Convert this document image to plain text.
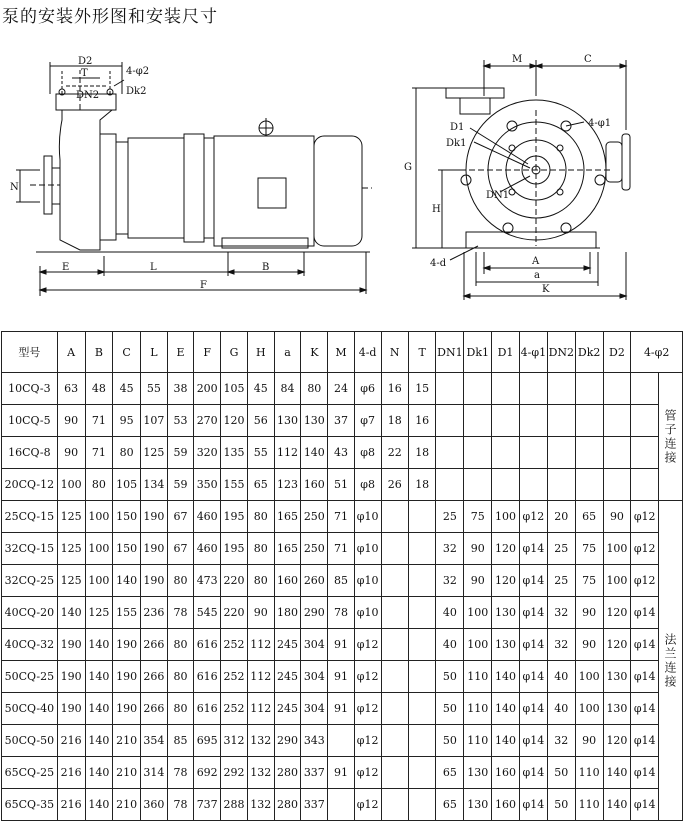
泵的安装外形图和安装尺寸
D2
T	4-φ2
DN2	Dk2
N
E	L	B
F
M	C
D1	4-φ1
Dk1
DN1
G
H
4-d	A
a
K
型号	A	B	C	L	E	F	G	H	a	K	M	4-d	N	T	DN1	Dk1	D1	4-φ1	DN2	Dk2	D2	4-φ2	
10CQ-3	63	48	45	55	38	200	105	45	84	80	24	φ6	16	15									管子连接
10CQ-5	90	71	95	107	53	270	120	56	130	130	37	φ7	18	16									
16CQ-8	90	71	80	125	59	320	135	55	112	140	43	φ8	22	18									
20CQ-12	100	80	105	134	59	350	155	65	123	160	51	φ8	26	18									
25CQ-15	125	100	150	190	67	460	195	80	165	250	71	φ10			25	75	100	φ12	20	65	90	φ12	法兰连接
32CQ-15	125	100	150	190	67	460	195	80	165	250	71	φ10			32	90	120	φ14	25	75	100	φ12	
32CQ-25	125	100	140	190	80	473	220	80	160	260	85	φ10			32	90	120	φ14	25	75	100	φ12	
40CQ-20	140	125	155	236	78	545	220	90	180	290	78	φ10			40	100	130	φ14	32	90	120	φ14	
40CQ-32	190	140	190	266	80	616	252	112	245	304	91	φ12			40	100	130	φ14	32	90	120	φ14	
50CQ-25	190	140	190	266	80	616	252	112	245	304	91	φ12			50	110	140	φ14	40	100	130	φ14	
50CQ-40	190	140	190	266	80	616	252	112	245	304	91	φ12			50	110	140	φ14	40	100	130	φ14	
50CQ-50	216	140	210	354	85	695	312	132	290	343		φ12			50	110	140	φ14	32	90	120	φ14	
65CQ-25	216	140	210	314	78	692	292	132	280	337	91	φ12			65	130	160	φ14	50	110	140	φ14	
65CQ-35	216	140	210	360	78	737	288	132	280	337		φ12			65	130	160	φ14	50	110	140	φ14	
